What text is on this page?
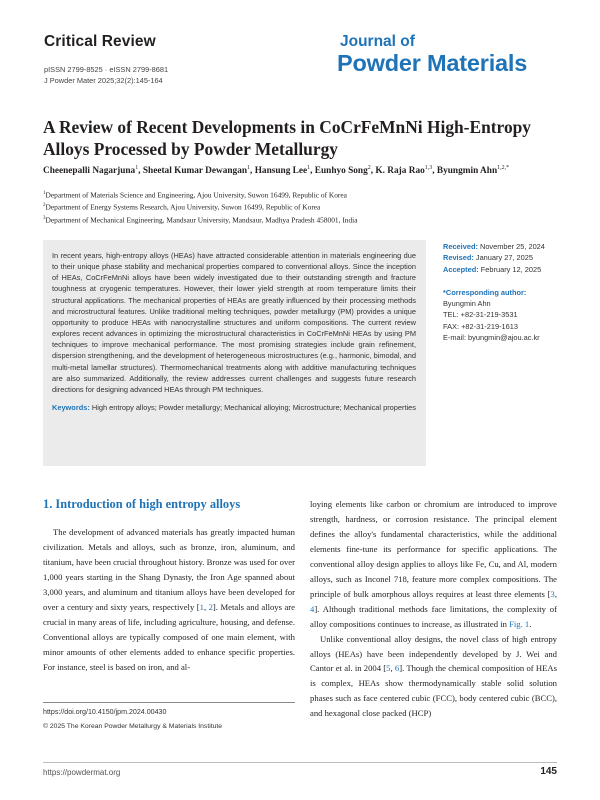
Critical Review
pISSN 2799-8525 · eISSN 2799-8681
J Powder Mater 2025;32(2):145-164
Journal of
Powder Materials
A Review of Recent Developments in CoCrFeMnNi High-Entropy Alloys Processed by Powder Metallurgy
Cheenepalli Nagarjuna$^1$, Sheetal Kumar Dewangan$^1$, Hansung Lee$^1$, Eunhyo Song$^2$, K. Raja Rao$^{1,3}$, Byungmin Ahn$^{1,2,*}$
$^1$Department of Materials Science and Engineering, Ajou University, Suwon 16499, Republic of Korea
$^2$Department of Energy Systems Research, Ajou University, Suwon 16499, Republic of Korea
$^3$Department of Mechanical Engineering, Mandsaur University, Mandsaur, Madhya Pradesh 458001, India

In recent years, high-entropy alloys (HEAs) have attracted considerable attention in materials engineering due to their unique phase stability and mechanical properties compared to conventional alloys. Since the inception of HEAs, CoCrFeMnNi alloys have been widely investigated due to their outstanding strength and fracture toughness at cryogenic temperatures. However, their lower yield strength at room temperature limits their structural applications. The mechanical properties of HEAs are greatly influenced by their processing methods and microstructural features. Unlike traditional melting techniques, powder metallurgy (PM) provides a unique opportunity to produce HEAs with nanocrystalline structures and uniform compositions. The current review explores recent advances in optimizing the microstructural characteristics in CoCrFeMnNi HEAs by using PM techniques to improve mechanical performance. The most promising strategies include grain refinement, dispersion strengthening, and the development of heterogeneous microstructures (e.g., harmonic, bimodal, and multi-metal lamellar structures). Thermomechanical treatments along with additive manufacturing techniques are also summarized. Additionally, the review addresses current challenges and suggests future research directions for designing advanced HEAs through PM techniques.

Keywords: High entropy alloys; Powder metallurgy; Mechanical alloying; Microstructure; Mechanical properties

Received: November 25, 2024
Revised: January 27, 2025
Accepted: February 12, 2025
*Corresponding author:
Byungmin Ahn
TEL: +82-31-219-3531
FAX: +82-31-219-1613
E-mail: byungmin@ajou.ac.kr
1. Introduction of high entropy alloys

The development of advanced materials has greatly impacted human civilization. Metals and alloys, such as bronze, iron, aluminum, and titanium, have been crucial throughout history. Bronze was used for over 1,000 years starting in the Shang Dynasty, the Iron Age spanned about 3,000 years, and aluminum and titanium alloys have been developed for over a century and sixty years, respectively [1, 2]. Metals and alloys are crucial in many areas of life, including agriculture, housing, and defense. Conventional alloys are typically composed of one main element, with minor amounts of other elements added to enhance specific properties. For instance, steel is based on iron, and al-

loying elements like carbon or chromium are introduced to improve strength, hardness, or corrosion resistance. The principal element defines the alloy's fundamental characteristics, while the additional elements fine-tune its performance for specific applications. The conventional alloy design applies to alloys like Fe, Cu, and Al, modern alloys, such as Inconel 718, feature more complex compositions. The principle of bulk amorphous alloys requires at least three elements [3, 4]. Although traditional methods face limitations, the complexity of alloy compositions continues to increase, as illustrated in Fig. 1.

Unlike conventional alloy designs, the novel class of high entropy alloys (HEAs) have been independently developed by J. Wei and Cantor et al. in 2004 [5, 6]. Though the chemical composition of HEAs is complex, HEAs show thermodynamically stable solid solution phases such as face centered cubic (FCC), body centered cubic (BCC), and hexagonal close packed (HCP)

https://doi.org/10.4150/jpm.2024.00430
© 2025 The Korean Powder Metallurgy & Materials Institute
https://powdermat.org	145
